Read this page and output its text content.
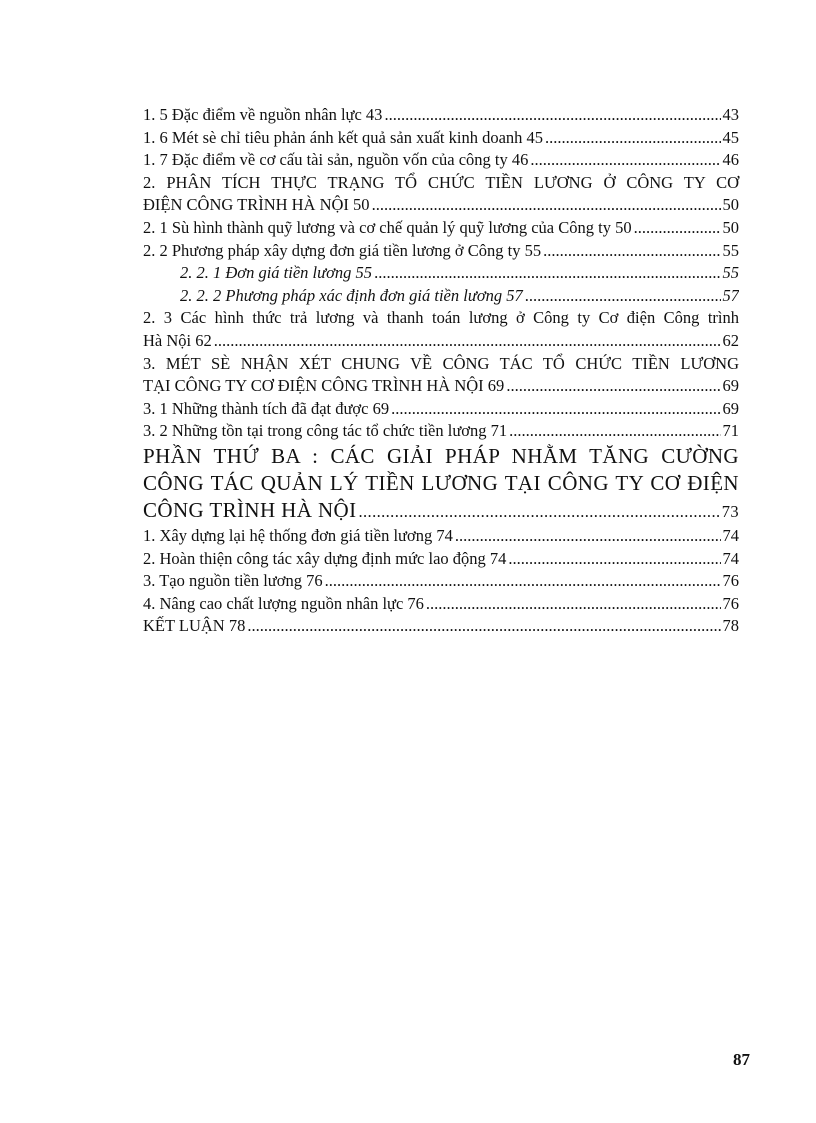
1. 5 Đặc điểm về nguồn nhân lực 43 .....	43
1. 6 Mét sè chỉ tiêu phản ánh kết quả sản xuất kinh doanh 45 .....	45
1. 7 Đặc điểm về cơ cấu tài sản, nguồn vốn của công ty 46 .....	46
2. PHÂN TÍCH THỰC TRẠNG TỔ CHỨC TIỀN LƯƠNG Ở CÔNG TY CƠ
ĐIỆN CÔNG TRÌNH HÀ NỘI 50 .....	50
2. 1 Sù hình thành quỹ lương và cơ chế quản lý quỹ lương của Công ty 50 .....	50
2. 2 Phương pháp xây dựng đơn giá tiền lương ở Công ty 55 .....	55
2. 2. 1 Đơn giá tiền lương 55 .....	55
2. 2. 2 Phương pháp xác định đơn giá tiền lương 57 .....	57
2. 3 Các hình thức trả lương và thanh toán lương ở Công ty Cơ điện Công trình
Hà Nội 62 .....	62
3. MÉT SÈ NHẬN XÉT CHUNG VỀ CÔNG TÁC TỔ CHỨC TIỀN LƯƠNG
TẠI CÔNG TY CƠ ĐIỆN CÔNG TRÌNH HÀ NỘI 69 .....	69
3. 1 Những thành tích đã đạt được 69 .....	69
3. 2 Những tồn tại trong công tác tổ chức tiền lương 71 .....	71
PHẦN THỨ BA : CÁC GIẢI PHÁP NHẰM TĂNG CƯỜNG
CÔNG TÁC QUẢN LÝ TIỀN LƯƠNG TẠI CÔNG TY CƠ ĐIỆN
CÔNG TRÌNH HÀ NỘI .....	73
1. Xây dựng lại hệ thống đơn giá tiền lương 74 .....	74
2. Hoàn thiện công tác xây dựng định mức lao động 74 .....	74
3. Tạo nguồn tiền lương 76 .....	76
4. Nâng cao chất lượng nguồn nhân lực 76 .....	76
KẾT LUẬN 78 .....	78
87
